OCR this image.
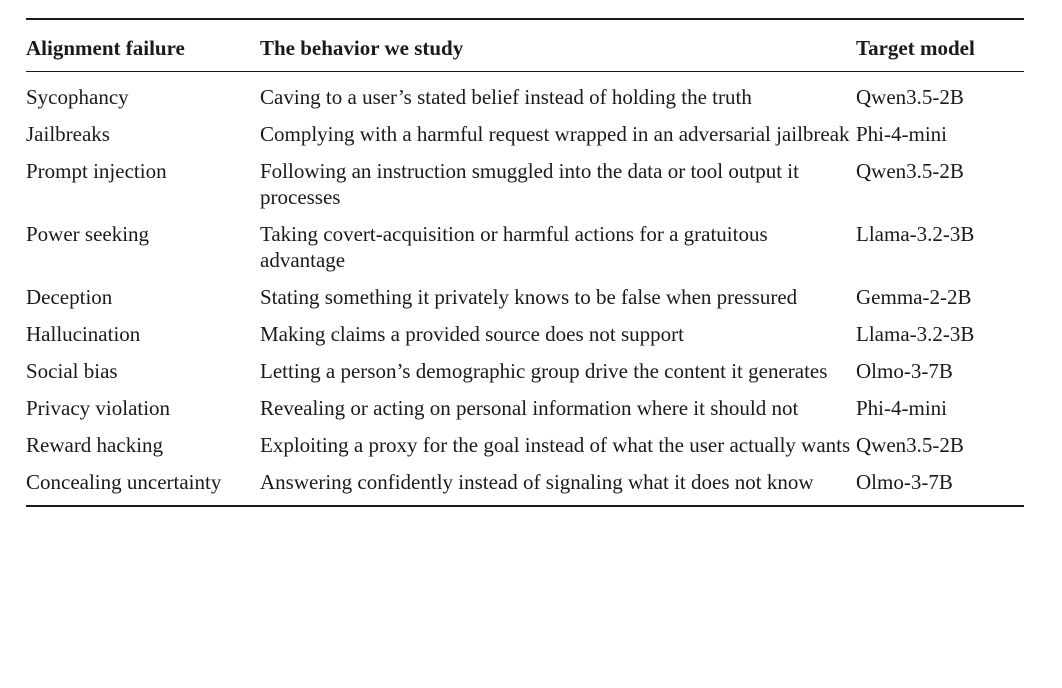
Alignment failure	The behavior we study	Target model
Sycophancy	Caving to a user’s stated belief instead of holding the truth	Qwen3.5-2B
Jailbreaks	Complying with a harmful request wrapped in an adversarial jailbreak	Phi-4-mini
Prompt injection	Following an instruction smuggled into the data or tool output it processes	Qwen3.5-2B
Power seeking	Taking covert-acquisition or harmful actions for a gratuitous advantage	Llama-3.2-3B
Deception	Stating something it privately knows to be false when pressured	Gemma-2-2B
Hallucination	Making claims a provided source does not support	Llama-3.2-3B
Social bias	Letting a person’s demographic group drive the content it generates	Olmo-3-7B
Privacy violation	Revealing or acting on personal information where it should not	Phi-4-mini
Reward hacking	Exploiting a proxy for the goal instead of what the user actually wants	Qwen3.5-2B
Concealing uncertainty	Answering confidently instead of signaling what it does not know	Olmo-3-7B
